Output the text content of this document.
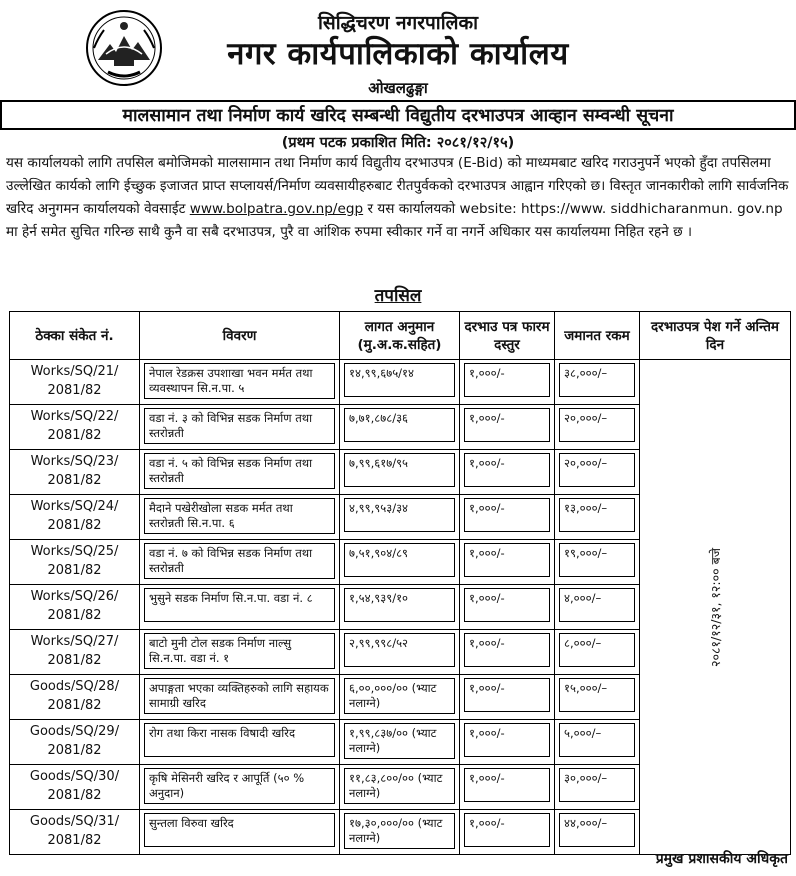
सिद्धिचरण नगरपालिका
नगर कार्यपालिकाको कार्यालय
ओखलढुङ्गा
मालसामान तथा निर्माण कार्य खरिद सम्बन्धी विद्युतीय दरभाउपत्र आव्हान सम्वन्धी सूचना
(प्रथम पटक प्रकाशित मिति: २०८१/१२/१५)

यस कार्यालयको लागि तपसिल बमोजिमको मालसामान तथा निर्माण कार्य विद्युतीय दरभाउपत्र (E-Bid) को माध्यमबाट खरिद गराउनुपर्ने भएको हुँदा तपसिलमा उल्लेखित कार्यको लागि ईच्छुक इजाजत प्राप्त सप्लायर्स/निर्माण व्यवसायीहरुबाट रीतपुर्वकको दरभाउपत्र आह्वान गरिएको छ। विस्तृत जानकारीको लागि सार्वजनिक खरिद अनुगमन कार्यालयको वेवसाईट www.bolpatra.gov.np/egp र यस कार्यालयको website: https://www. siddhicharanmun. gov.np मा हेर्न समेत सुचित गरिन्छ साथै कुनै वा सबै दरभाउपत्र, पुरै वा आंशिक रुपमा स्वीकार गर्ने वा नगर्ने अधिकार यस कार्यालयमा निहित रहने छ ।

तपसिल
ठेक्का संकेत नं.	विवरण	लागत अनुमान (मु.अ.क.सहित)	दरभाउ पत्र फारम दस्तुर	जमानत रकम	दरभाउपत्र पेश गर्ने अन्तिम दिन
Works/SQ/21/ 2081/82	नेपाल रेडक्रस उपशाखा भवन मर्मत तथा व्यवस्थापन सि.न.पा. ५	१४,९९,६७५/१४	१,०००/-	३८,०००/–	२०८१/१२/३१, १२:०० बजे
Works/SQ/22/ 2081/82	वडा नं. ३ को विभिन्न सडक निर्माण तथा स्तरोन्नती	७,७१,८७८/३६	१,०००/-	२०,०००/–	

Works/SQ/23/ 2081/82	वडा नं. ५ को विभिन्न सडक निर्माण तथा स्तरोन्नती	७,९९,६१७/९५	१,०००/-	२०,०००/–	

Works/SQ/24/ 2081/82	मैदाने पखेरीखोला सडक मर्मत तथा स्तरोन्नती सि.न.पा. ६	४,९९,९५३/३४	१,०००/-	१३,०००/–	

Works/SQ/25/ 2081/82	वडा नं. ७ को विभिन्न सडक निर्माण तथा स्तरोन्नती	७,५१,९०४/८९	१,०००/-	१९,०००/–	

Works/SQ/26/ 2081/82	भुसुने सडक निर्माण सि.न.पा. वडा नं. ८	१,५४,९३९/१०	१,०००/-	४,०००/–	

Works/SQ/27/ 2081/82	बाटो मुनी टोल सडक निर्माण नाल्सु सि.न.पा. वडा नं. १	२,९९,९९८/५२	१,०००/-	८,०००/–	

Goods/SQ/28/ 2081/82	अपाङ्गता भएका व्यक्तिहरुको लागि सहायक सामाग्री खरिद	६,००,०००/०० (भ्याट नलाग्ने)	१,०००/-	१५,०००/–	

Goods/SQ/29/ 2081/82	रोग तथा किरा नासक विषादी खरिद	१,९९,८३७/०० (भ्याट नलाग्ने)	१,०००/-	५,०००/–	

Goods/SQ/30/ 2081/82	कृषि मेसिनरी खरिद र आपूर्ति (५० % अनुदान)	११,८३,८००/०० (भ्याट नलाग्ने)	१,०००/-	३०,०००/–	

Goods/SQ/31/ 2081/82	सुन्तला विरुवा खरिद	१७,३०,०००/०० (भ्याट नलाग्ने)	१,०००/-	४४,०००/–	
प्रमुख प्रशासकीय अधिकृत
